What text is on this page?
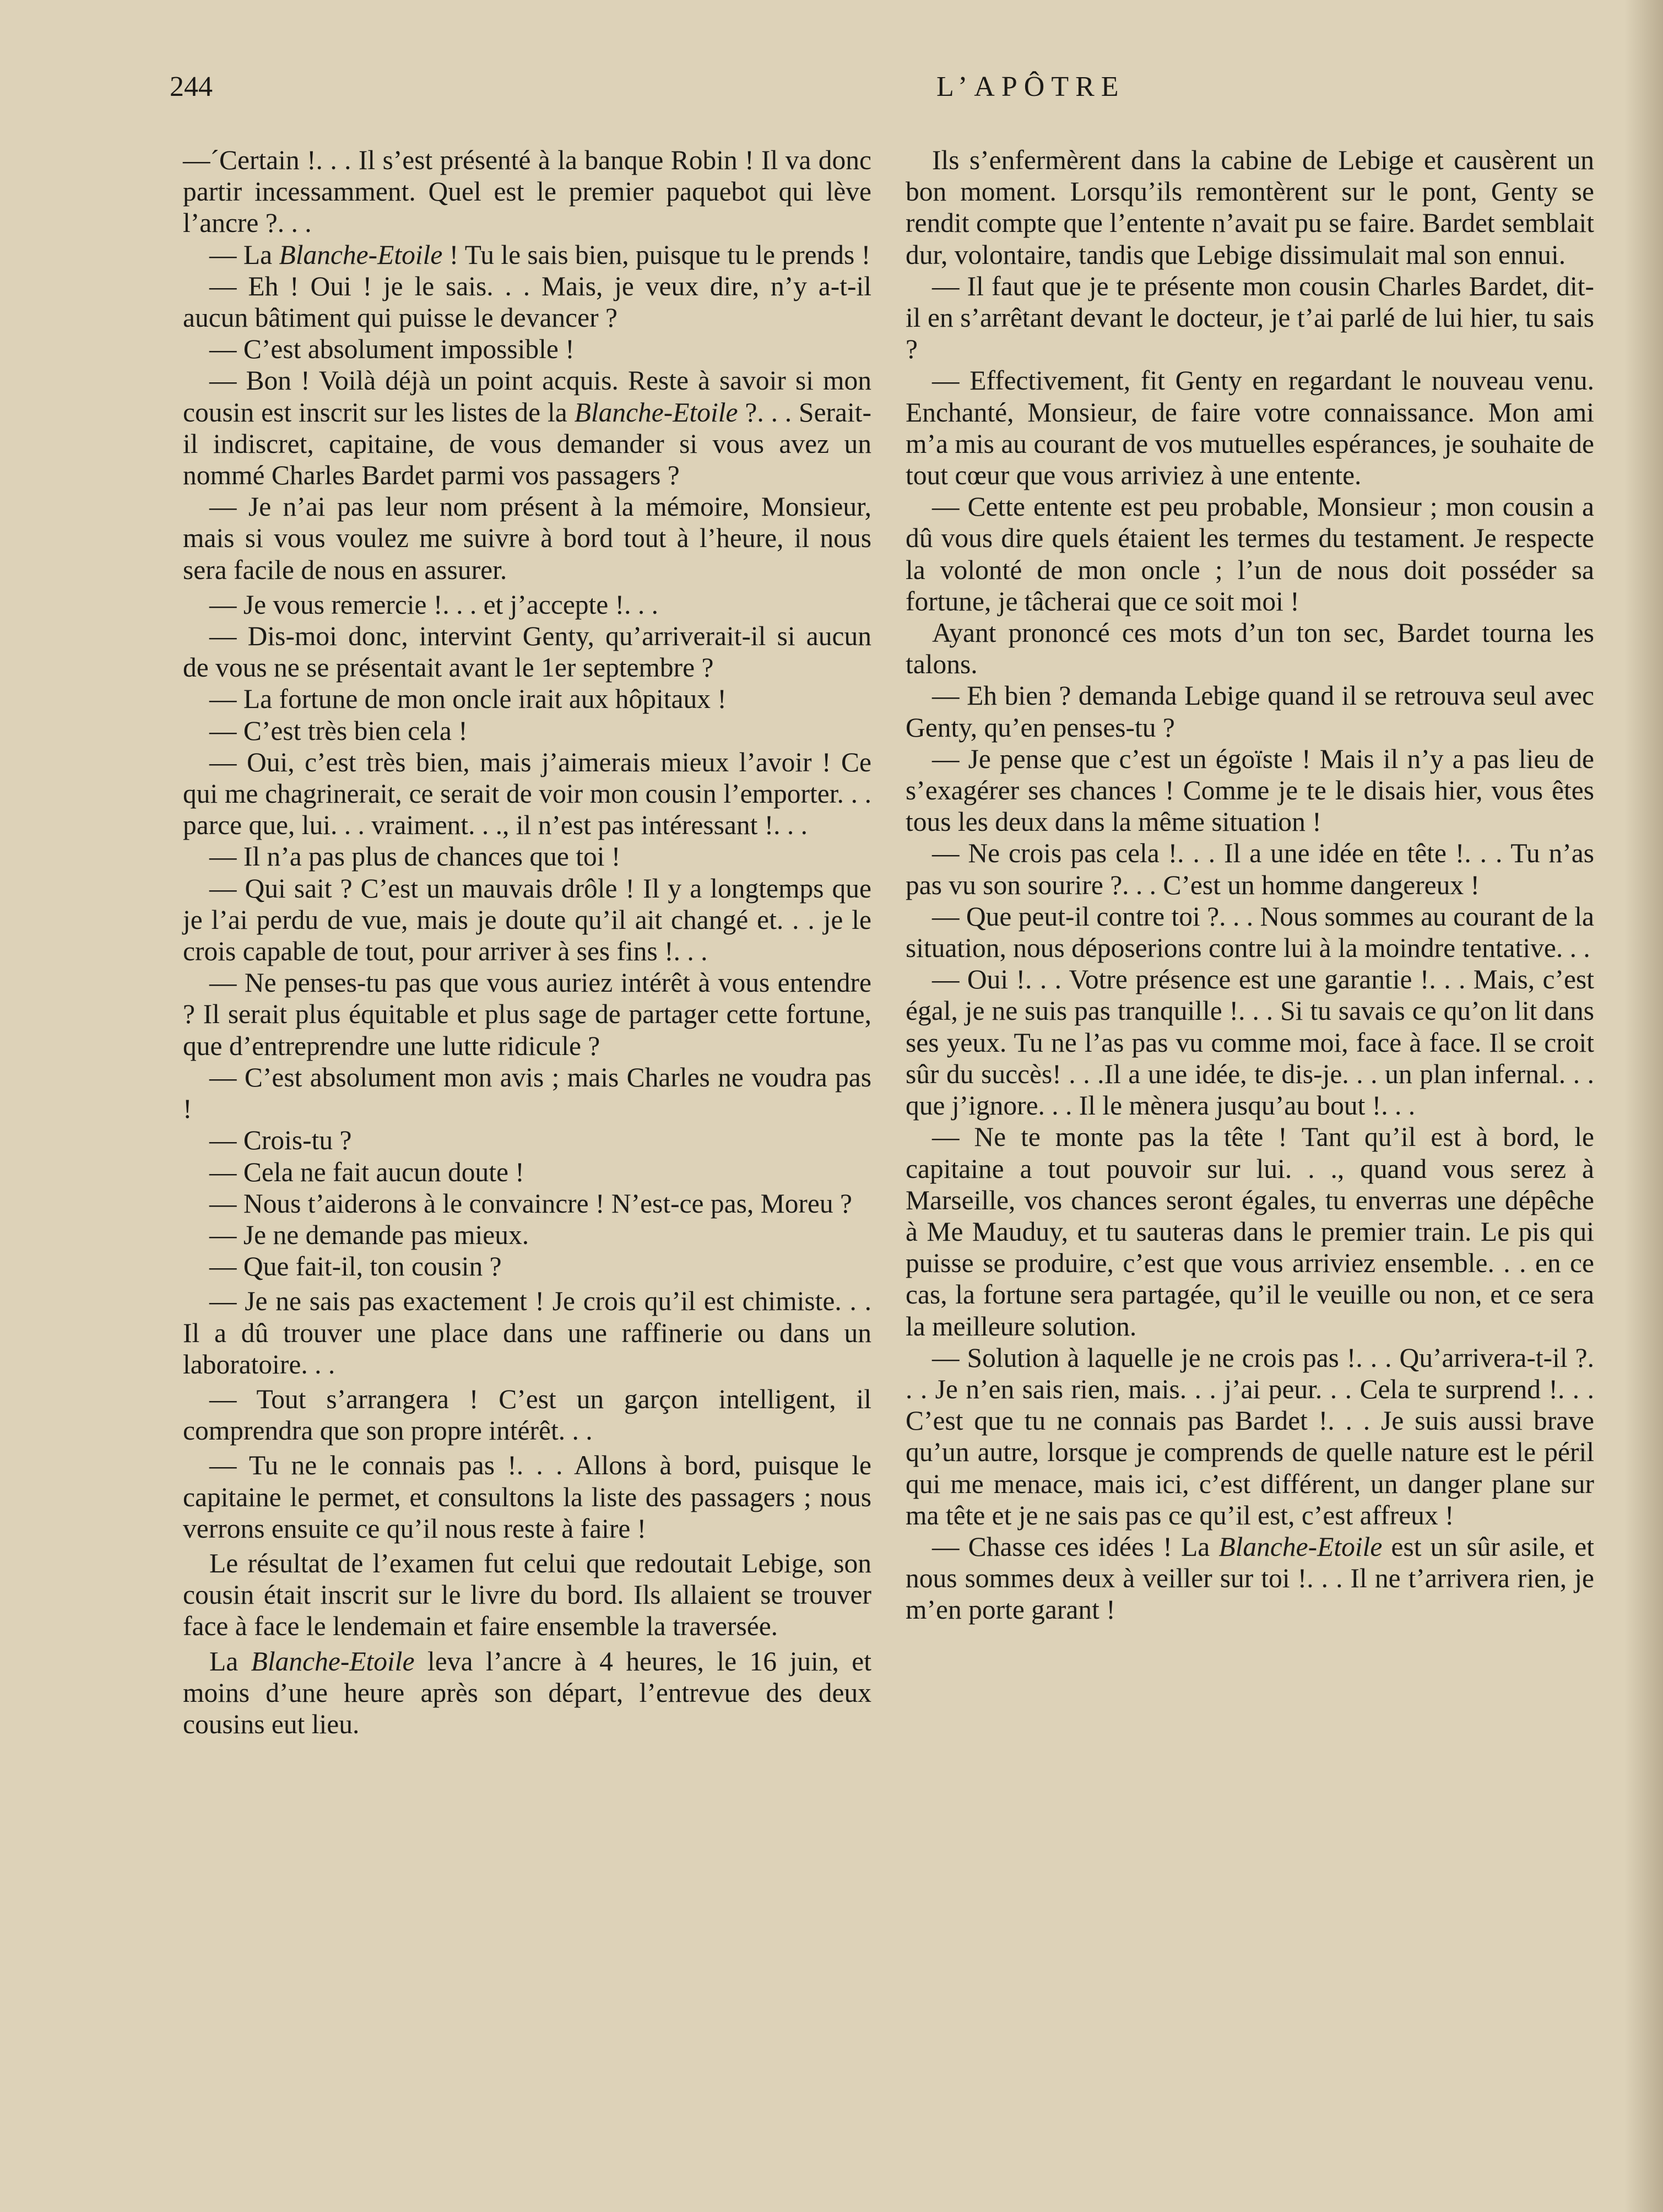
244	L’APÔTRE

—´Certain !. . . Il s’est présenté à la banque Robin ! Il va donc partir incessamment. Quel est le premier paquebot qui lève l’ancre ?. . .

— La Blanche-Etoile ! Tu le sais bien, puisque tu le prends !

— Eh ! Oui ! je le sais. . . Mais, je veux dire, n’y a-t-il aucun bâtiment qui puisse le devancer ?

— C’est absolument impossible !

— Bon ! Voilà déjà un point acquis. Reste à savoir si mon cousin est inscrit sur les listes de la Blanche-Etoile ?. . . Serait-il indiscret, capitaine, de vous demander si vous avez un nommé Charles Bardet parmi vos passagers ?

— Je n’ai pas leur nom présent à la mémoire, Monsieur, mais si vous voulez me suivre à bord tout à l’heure, il nous sera facile de nous en assurer.

— Je vous remercie !. . . et j’accepte !. . .

— Dis-moi donc, intervint Genty, qu’arriverait-il si aucun de vous ne se présentait avant le 1er septembre ?

— La fortune de mon oncle irait aux hôpitaux !

— C’est très bien cela !

— Oui, c’est très bien, mais j’aimerais mieux l’avoir ! Ce qui me chagrinerait, ce serait de voir mon cousin l’emporter. . . parce que, lui. . . vraiment. . ., il n’est pas intéressant !. . .

— Il n’a pas plus de chances que toi !

— Qui sait ? C’est un mauvais drôle ! Il y a longtemps que je l’ai perdu de vue, mais je doute qu’il ait changé et. . . je le crois capable de tout, pour arriver à ses fins !. . .

— Ne penses-tu pas que vous auriez intérêt à vous entendre ? Il serait plus équitable et plus sage de partager cette fortune, que d’entreprendre une lutte ridicule ?

— C’est absolument mon avis ; mais Charles ne voudra pas !

— Crois-tu ?

— Cela ne fait aucun doute !

— Nous t’aiderons à le convaincre ! N’est-ce pas, Moreu ?

— Je ne demande pas mieux.

— Que fait-il, ton cousin ?

— Je ne sais pas exactement ! Je crois qu’il est chimiste. . . Il a dû trouver une place dans une raffinerie ou dans un laboratoire. . .

— Tout s’arrangera ! C’est un garçon intelligent, il comprendra que son propre intérêt. . .

— Tu ne le connais pas !. . . Allons à bord, puisque le capitaine le permet, et consultons la liste des passagers ; nous verrons ensuite ce qu’il nous reste à faire !

Le résultat de l’examen fut celui que redoutait Lebige, son cousin était inscrit sur le livre du bord. Ils allaient se trouver face à face le lendemain et faire ensemble la traversée.

La Blanche-Etoile leva l’ancre à 4 heures, le 16 juin, et moins d’une heure après son départ, l’entrevue des deux cousins eut lieu.

Ils s’enfermèrent dans la cabine de Lebige et causèrent un bon moment. Lorsqu’ils remontèrent sur le pont, Genty se rendit compte que l’entente n’avait pu se faire. Bardet semblait dur, volontaire, tandis que Lebige dissimulait mal son ennui.

— Il faut que je te présente mon cousin Charles Bardet, dit-il en s’arrêtant devant le docteur, je t’ai parlé de lui hier, tu sais ?

— Effectivement, fit Genty en regardant le nouveau venu. Enchanté, Monsieur, de faire votre connaissance. Mon ami m’a mis au courant de vos mutuelles espérances, je souhaite de tout cœur que vous arriviez à une entente.

— Cette entente est peu probable, Monsieur ; mon cousin a dû vous dire quels étaient les termes du testament. Je respecte la volonté de mon oncle ; l’un de nous doit posséder sa fortune, je tâcherai que ce soit moi !

Ayant prononcé ces mots d’un ton sec, Bardet tourna les talons.

— Eh bien ? demanda Lebige quand il se retrouva seul avec Genty, qu’en penses-tu ?

— Je pense que c’est un égoïste ! Mais il n’y a pas lieu de s’exagérer ses chances ! Comme je te le disais hier, vous êtes tous les deux dans la même situation !

— Ne crois pas cela !. . . Il a une idée en tête !. . . Tu n’as pas vu son sourire ?. . . C’est un homme dangereux !

— Que peut-il contre toi ?. . . Nous sommes au courant de la situation, nous déposerions contre lui à la moindre tentative. . .

— Oui !. . . Votre présence est une garantie !. . . Mais, c’est égal, je ne suis pas tranquille !. . . Si tu savais ce qu’on lit dans ses yeux. Tu ne l’as pas vu comme moi, face à face. Il se croit sûr du succès! . . .Il a une idée, te dis-je. . . un plan infernal. . . que j’ignore. . . Il le mènera jusqu’au bout !. . .

— Ne te monte pas la tête ! Tant qu’il est à bord, le capitaine a tout pouvoir sur lui. . ., quand vous serez à Marseille, vos chances seront égales, tu enverras une dépêche à Me Mauduy, et tu sauteras dans le premier train. Le pis qui puisse se produire, c’est que vous arriviez ensemble. . . en ce cas, la fortune sera partagée, qu’il le veuille ou non, et ce sera la meilleure solution.

— Solution à laquelle je ne crois pas !. . . Qu’arrivera-t-il ?. . . Je n’en sais rien, mais. . . j’ai peur. . . Cela te surprend !. . . C’est que tu ne connais pas Bardet !. . . Je suis aussi brave qu’un autre, lorsque je comprends de quelle nature est le péril qui me menace, mais ici, c’est différent, un danger plane sur ma tête et je ne sais pas ce qu’il est, c’est affreux !

— Chasse ces idées ! La Blanche-Etoile est un sûr asile, et nous sommes deux à veiller sur toi !. . . Il ne t’arrivera rien, je m’en porte garant !
